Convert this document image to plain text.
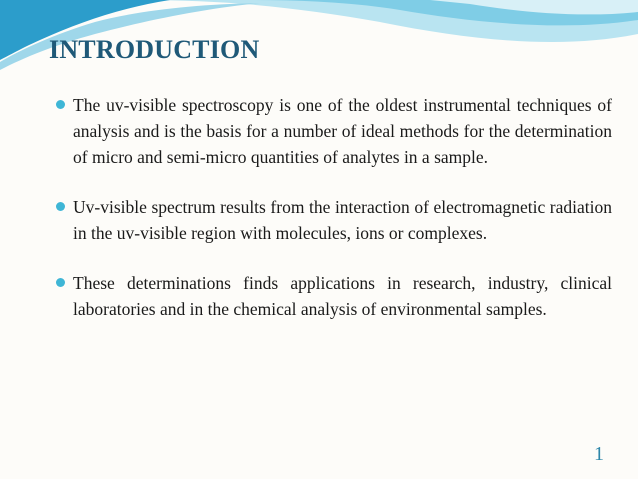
INTRODUCTION
The uv-visible spectroscopy is one of the oldest instrumental techniques of analysis and is the basis for a number of ideal methods for the determination of micro and semi-micro quantities of analytes in a sample.
Uv-visible spectrum results from the interaction of electromagnetic radiation in the uv-visible region with molecules, ions or complexes.
These determinations finds applications in research, industry, clinical laboratories and in the chemical analysis of environmental samples.
1
